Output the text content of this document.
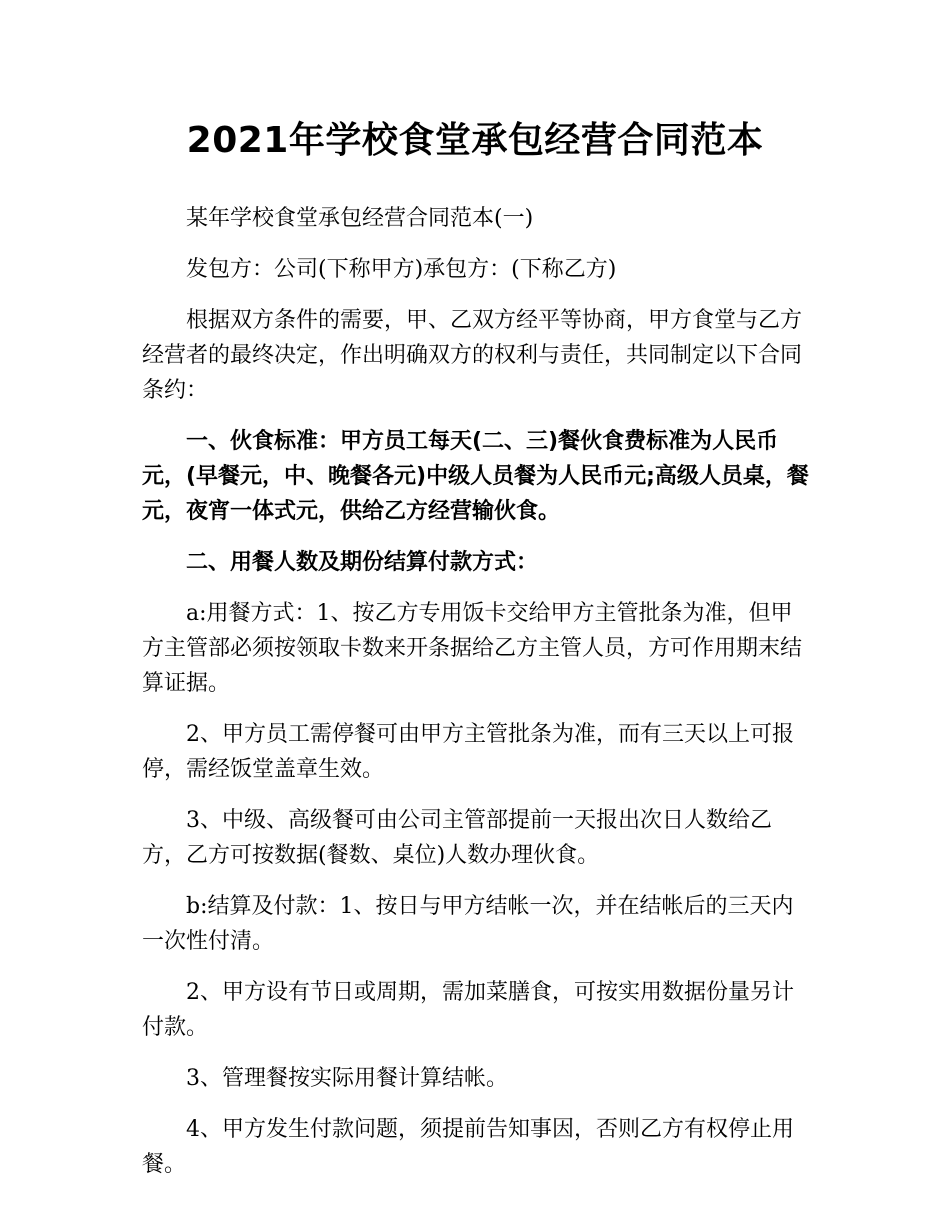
2021年学校食堂承包经营合同范本

某年学校食堂承包经营合同范本(一)

发包方：公司(下称甲方)承包方：(下称乙方)

根据双方条件的需要，甲、乙双方经平等协商，甲方食堂与乙方经营者的最终决定，作出明确双方的权利与责任，共同制定以下合同条约：

一、伙食标准：甲方员工每天(二、三)餐伙食费标准为人民币元，(早餐元，中、晚餐各元)中级人员餐为人民币元;高级人员桌，餐元，夜宵一体式元，供给乙方经营输伙食。

二、用餐人数及期份结算付款方式：

a:用餐方式：1、按乙方专用饭卡交给甲方主管批条为准，但甲方主管部必须按领取卡数来开条据给乙方主管人员，方可作用期末结算证据。

2、甲方员工需停餐可由甲方主管批条为准，而有三天以上可报停，需经饭堂盖章生效。

3、中级、高级餐可由公司主管部提前一天报出次日人数给乙方，乙方可按数据(餐数、桌位)人数办理伙食。

b:结算及付款：1、按日与甲方结帐一次，并在结帐后的三天内一次性付清。

2、甲方设有节日或周期，需加菜膳食，可按实用数据份量另计付款。

3、管理餐按实际用餐计算结帐。

4、甲方发生付款问题，须提前告知事因，否则乙方有权停止用餐。
